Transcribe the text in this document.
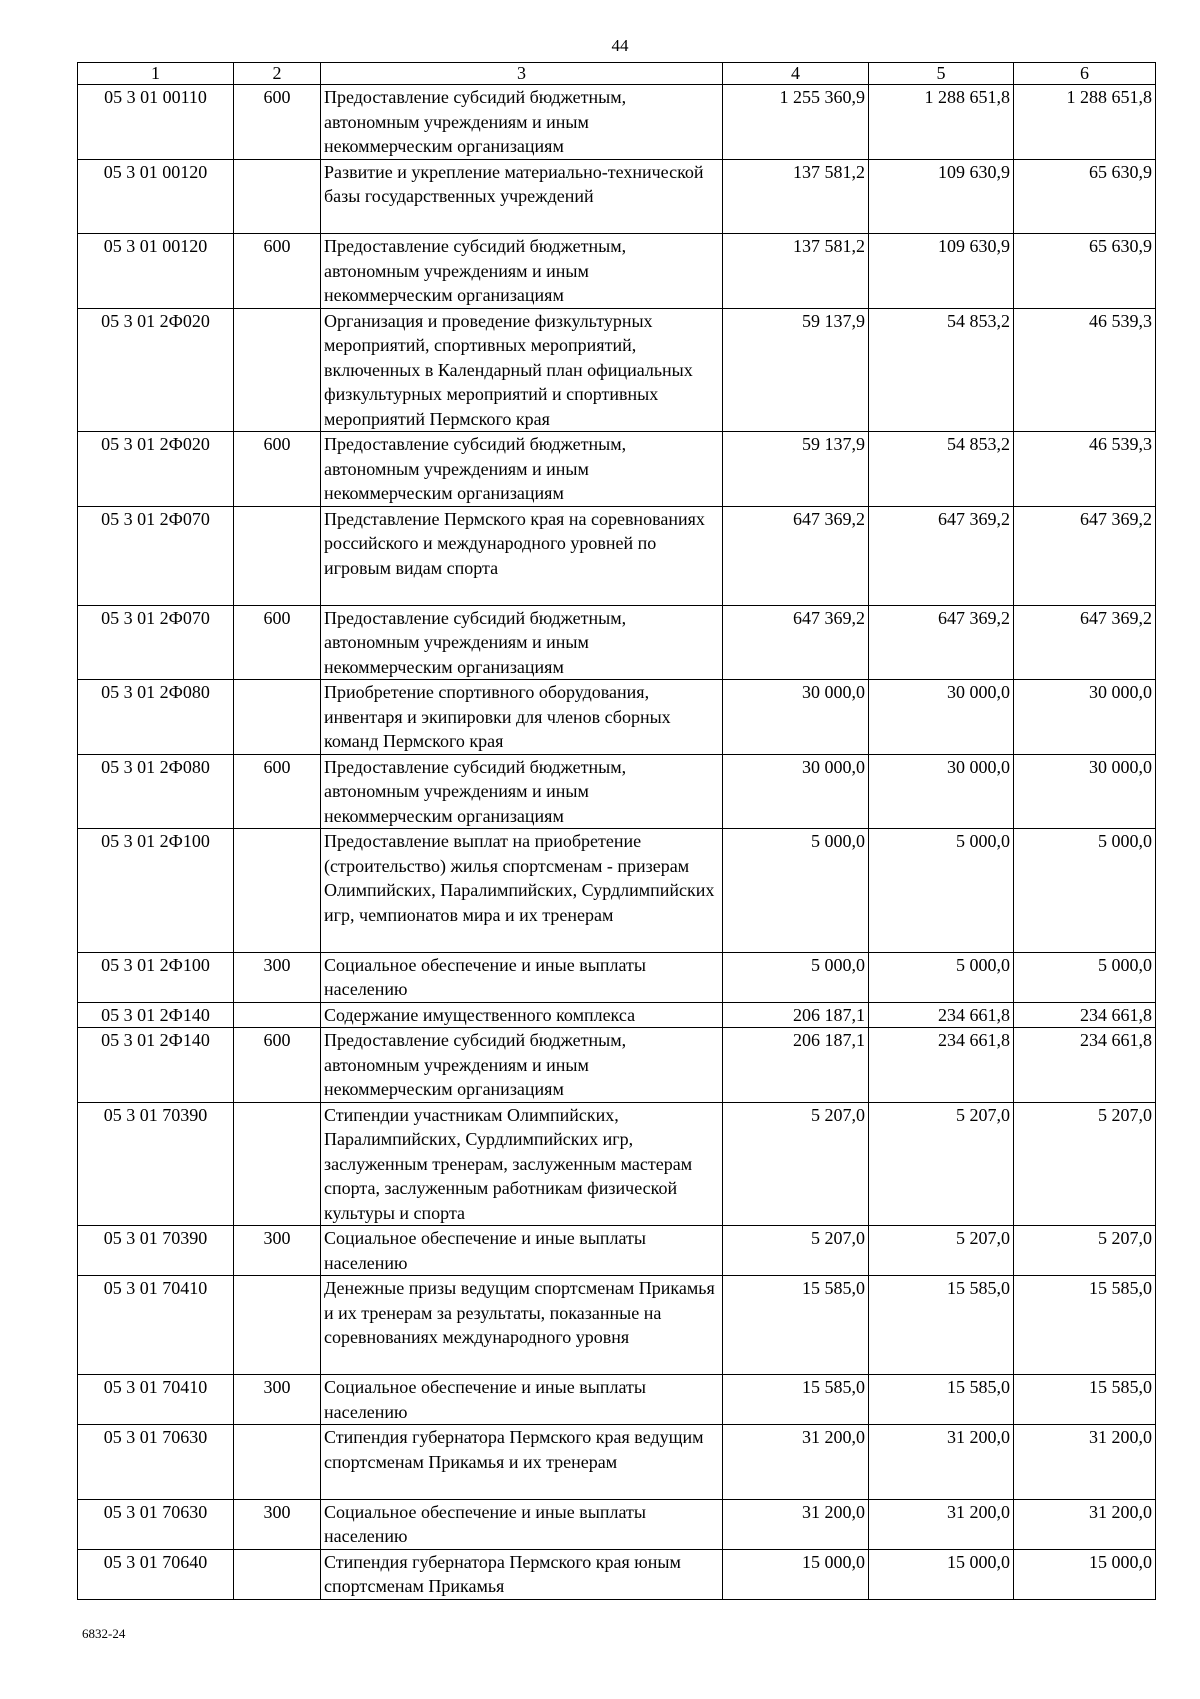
44
1	2	3	4	5	6
05 3 01 00110	600	Предоставление субсидий бюджетным, автономным учреждениям и иным некоммерческим организациям	1 255 360,9	1 288 651,8	1 288 651,8
05 3 01 00120		Развитие и укрепление материально-технической базы государственных учреждений	137 581,2	109 630,9	65 630,9
05 3 01 00120	600	Предоставление субсидий бюджетным, автономным учреждениям и иным некоммерческим организациям	137 581,2	109 630,9	65 630,9
05 3 01 2Ф020		Организация и проведение физкультурных мероприятий, спортивных мероприятий, включенных в Календарный план официальных физкультурных мероприятий и спортивных мероприятий Пермского края	59 137,9	54 853,2	46 539,3
05 3 01 2Ф020	600	Предоставление субсидий бюджетным, автономным учреждениям и иным некоммерческим организациям	59 137,9	54 853,2	46 539,3
05 3 01 2Ф070		Представление Пермского края на соревнованиях российского и международного уровней по игровым видам спорта	647 369,2	647 369,2	647 369,2
05 3 01 2Ф070	600	Предоставление субсидий бюджетным, автономным учреждениям и иным некоммерческим организациям	647 369,2	647 369,2	647 369,2
05 3 01 2Ф080		Приобретение спортивного оборудования, инвентаря и экипировки для членов сборных команд Пермского края	30 000,0	30 000,0	30 000,0
05 3 01 2Ф080	600	Предоставление субсидий бюджетным, автономным учреждениям и иным некоммерческим организациям	30 000,0	30 000,0	30 000,0
05 3 01 2Ф100		Предоставление выплат на приобретение (строительство) жилья спортсменам - призерам Олимпийских, Паралимпийских, Сурдлимпийских игр, чемпионатов мира и их тренерам	5 000,0	5 000,0	5 000,0
05 3 01 2Ф100	300	Социальное обеспечение и иные выплаты населению	5 000,0	5 000,0	5 000,0
05 3 01 2Ф140		Содержание имущественного комплекса	206 187,1	234 661,8	234 661,8
05 3 01 2Ф140	600	Предоставление субсидий бюджетным, автономным учреждениям и иным некоммерческим организациям	206 187,1	234 661,8	234 661,8
05 3 01 70390		Стипендии участникам Олимпийских, Паралимпийских, Сурдлимпийских игр, заслуженным тренерам, заслуженным мастерам спорта, заслуженным работникам физической культуры и спорта	5 207,0	5 207,0	5 207,0
05 3 01 70390	300	Социальное обеспечение и иные выплаты населению	5 207,0	5 207,0	5 207,0
05 3 01 70410		Денежные призы ведущим спортсменам Прикамья и их тренерам за результаты, показанные на соревнованиях международного уровня	15 585,0	15 585,0	15 585,0
05 3 01 70410	300	Социальное обеспечение и иные выплаты населению	15 585,0	15 585,0	15 585,0
05 3 01 70630		Стипендия губернатора Пермского края ведущим спортсменам Прикамья и их тренерам	31 200,0	31 200,0	31 200,0
05 3 01 70630	300	Социальное обеспечение и иные выплаты населению	31 200,0	31 200,0	31 200,0
05 3 01 70640		Стипендия губернатора Пермского края юным спортсменам Прикамья	15 000,0	15 000,0	15 000,0
6832-24
